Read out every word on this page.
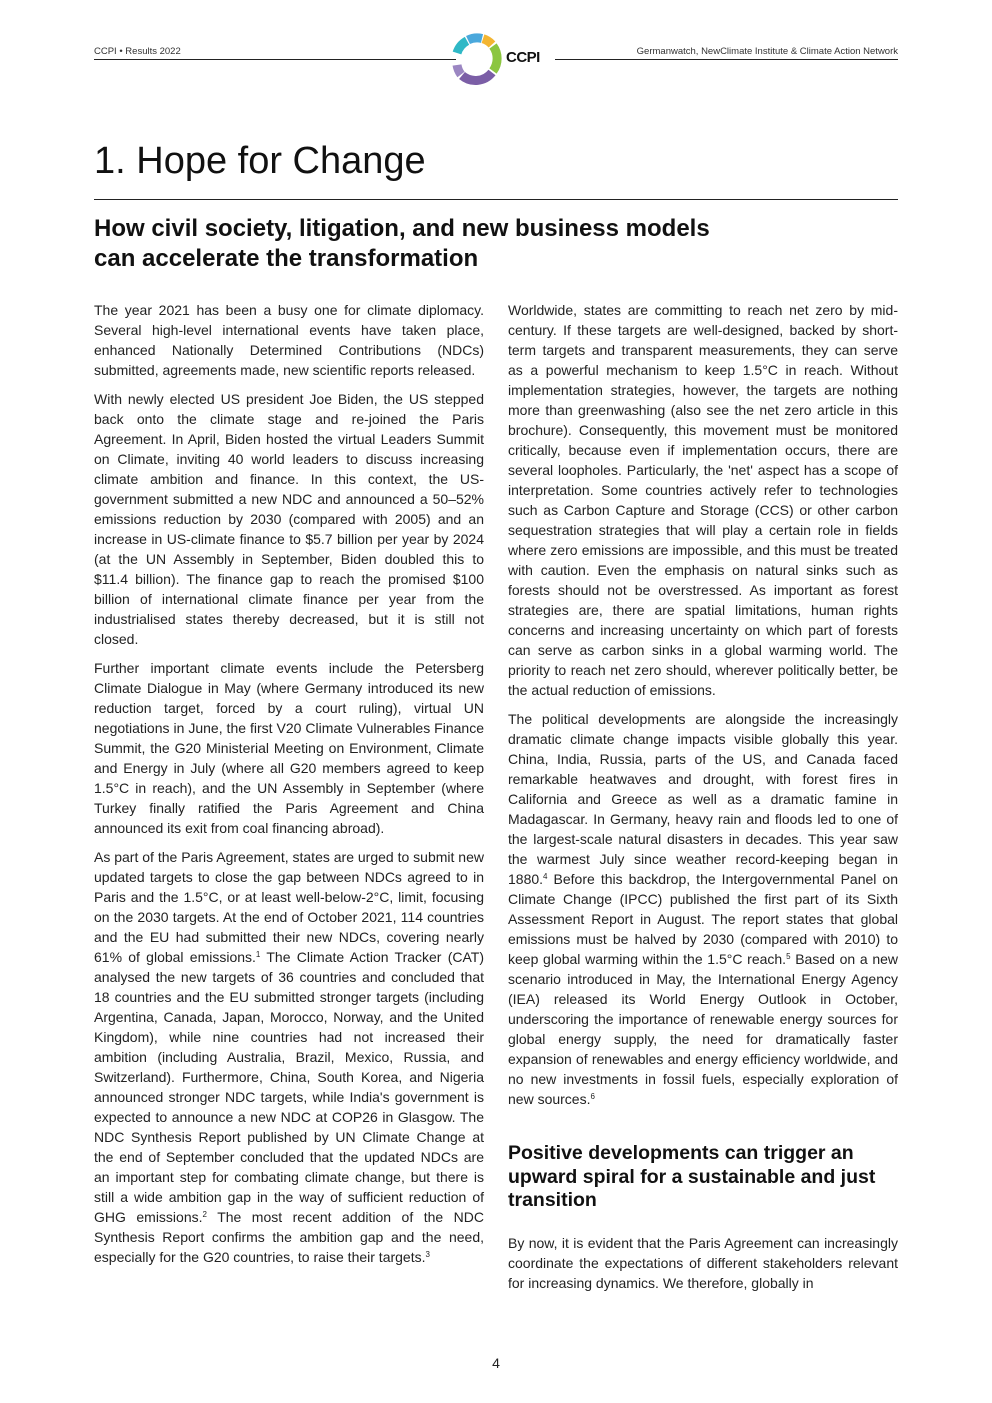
CCPI • Results 2022	CCPI	Germanwatch, NewClimate Institute & Climate Action Network
1. Hope for Change
How civil society, litigation, and new business models
can accelerate the transformation

The year 2021 has been a busy one for climate diplomacy. Several high-level international events have taken place, enhanced Nationally Determined Contributions (NDCs) submitted, agreements made, new scientific reports released.

With newly elected US president Joe Biden, the US stepped back onto the climate stage and re-joined the Paris Agreement. In April, Biden hosted the virtual Leaders Summit on Climate, inviting 40 world leaders to discuss increasing climate ambition and finance. In this context, the US-government submitted a new NDC and announced a 50–52% emissions reduction by 2030 (compared with 2005) and an increase in US-climate finance to $5.7 billion per year by 2024 (at the UN Assembly in September, Biden doubled this to $11.4 billion). The finance gap to reach the promised $100 billion of international climate finance per year from the industrialised states thereby decreased, but it is still not closed.

Further important climate events include the Petersberg Climate Dialogue in May (where Germany introduced its new reduction target, forced by a court ruling), virtual UN negotiations in June, the first V20 Climate Vulnerables Finance Summit, the G20 Ministerial Meeting on Environment, Climate and Energy in July (where all G20 members agreed to keep 1.5°C in reach), and the UN Assembly in September (where Turkey finally ratified the Paris Agreement and China announced its exit from coal financing abroad).

As part of the Paris Agreement, states are urged to submit new updated targets to close the gap between NDCs agreed to in Paris and the 1.5°C, or at least well-below-2°C, limit, focusing on the 2030 targets. At the end of October 2021, 114 countries and the EU had submitted their new NDCs, covering nearly 61% of global emissions.$^1$ The Climate Action Tracker (CAT) analysed the new targets of 36 countries and concluded that 18 countries and the EU submitted stronger targets (including Argentina, Canada, Japan, Morocco, Norway, and the United Kingdom), while nine countries had not increased their ambition (including Australia, Brazil, Mexico, Russia, and Switzerland). Furthermore, China, South Korea, and Nigeria announced stronger NDC targets, while India's government is expected to announce a new NDC at COP26 in Glasgow. The NDC Synthesis Report published by UN Climate Change at the end of September concluded that the updated NDCs are an important step for combating climate change, but there is still a wide ambition gap in the way of sufficient reduction of GHG emissions.$^2$ The most recent addition of the NDC Synthesis Report confirms the ambition gap and the need, especially for the G20 countries, to raise their targets.$^3$

Worldwide, states are committing to reach net zero by mid-century. If these targets are well-designed, backed by short-term targets and transparent measurements, they can serve as a powerful mechanism to keep 1.5°C in reach. Without implementation strategies, however, the targets are nothing more than greenwashing (also see the net zero article in this brochure). Consequently, this movement must be monitored critically, because even if implementation occurs, there are several loopholes. Particularly, the 'net' aspect has a scope of interpretation. Some countries actively refer to technologies such as Carbon Capture and Storage (CCS) or other carbon sequestration strategies that will play a certain role in fields where zero emissions are impossible, and this must be treated with caution. Even the emphasis on natural sinks such as forests should not be overstressed. As important as forest strategies are, there are spatial limitations, human rights concerns and increasing uncertainty on which part of forests can serve as carbon sinks in a global warming world. The priority to reach net zero should, wherever politically better, be the actual reduction of emissions.

The political developments are alongside the increasingly dramatic climate change impacts visible globally this year. China, India, Russia, parts of the US, and Canada faced remarkable heatwaves and drought, with forest fires in California and Greece as well as a dramatic famine in Madagascar. In Germany, heavy rain and floods led to one of the largest-scale natural disasters in decades. This year saw the warmest July since weather record-keeping began in 1880.$^4$ Before this backdrop, the Intergovernmental Panel on Climate Change (IPCC) published the first part of its Sixth Assessment Report in August. The report states that global emissions must be halved by 2030 (compared with 2010) to keep global warming within the 1.5°C reach.$^5$ Based on a new scenario introduced in May, the International Energy Agency (IEA) released its World Energy Outlook in October, underscoring the importance of renewable energy sources for global energy supply, the need for dramatically faster expansion of renewables and energy efficiency worldwide, and no new investments in fossil fuels, especially exploration of new sources.$^6$

Positive developments can trigger an upward spiral for a sustainable and just transition

By now, it is evident that the Paris Agreement can increasingly coordinate the expectations of different stakeholders relevant for increasing dynamics. We therefore, globally in

4
